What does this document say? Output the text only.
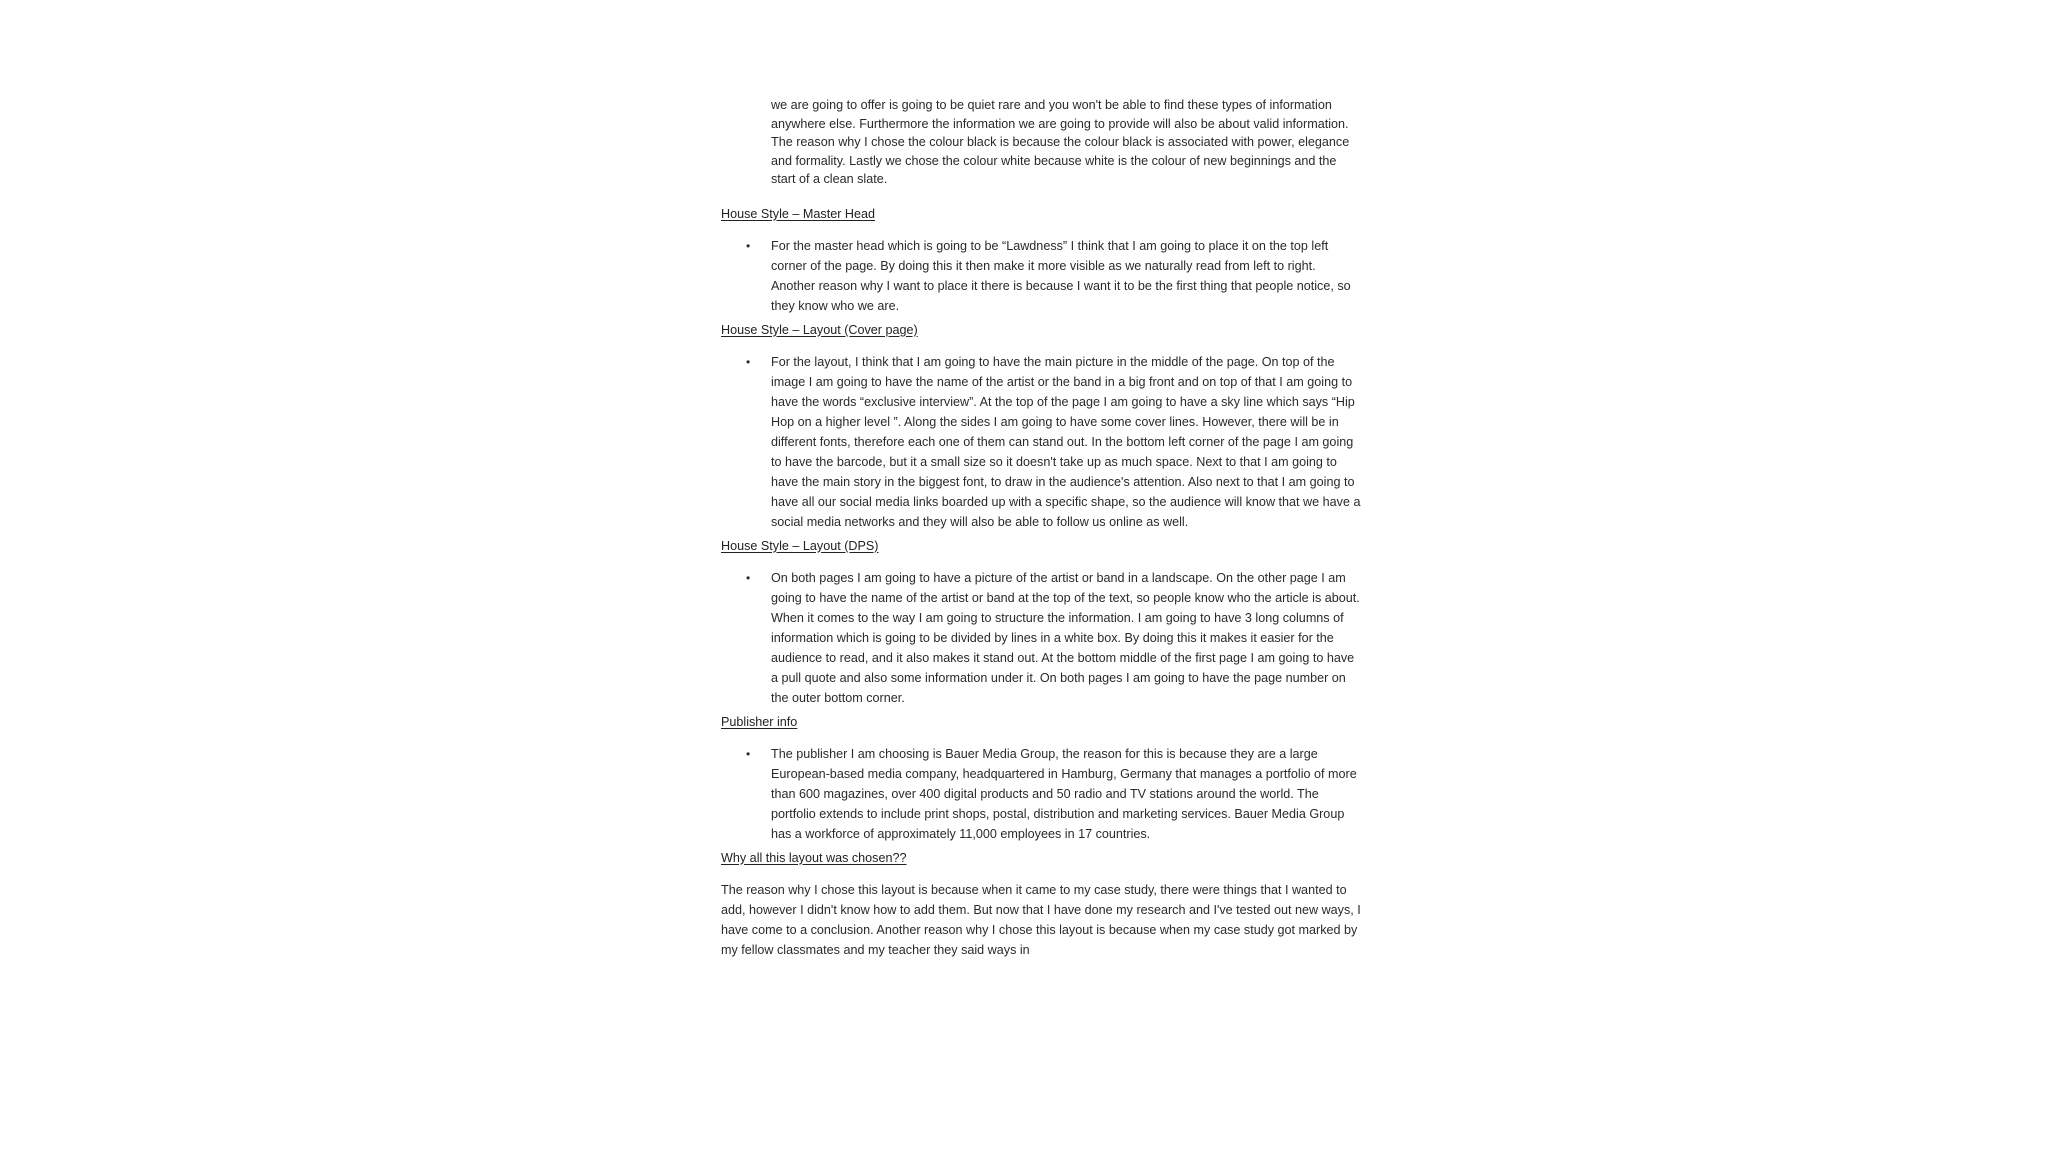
we are going to offer is going to be quiet rare and you won't be able to find these types of information anywhere else. Furthermore the information we are going to provide will also be about valid information. The reason why I chose the colour black is because the colour black is associated with power, elegance and formality. Lastly we chose the colour white because white is the colour of new beginnings and the start of a clean slate.

House Style – Master Head

• For the master head which is going to be “Lawdness” I think that I am going to place it on the top left corner of the page. By doing this it then make it more visible as we naturally read from left to right. Another reason why I want to place it there is because I want it to be the first thing that people notice, so they know who we are.

House Style – Layout (Cover page)

• For the layout, I think that I am going to have the main picture in the middle of the page. On top of the image I am going to have the name of the artist or the band in a big front and on top of that I am going to have the words “exclusive interview”. At the top of the page I am going to have a sky line which says “Hip Hop on a higher level ”. Along the sides I am going to have some cover lines. However, there will be in different fonts, therefore each one of them can stand out. In the bottom left corner of the page I am going to have the barcode, but it a small size so it doesn't take up as much space. Next to that I am going to have the main story in the biggest font, to draw in the audience's attention. Also next to that I am going to have all our social media links boarded up with a specific shape, so the audience will know that we have a social media networks and they will also be able to follow us online as well.

House Style – Layout (DPS)

• On both pages I am going to have a picture of the artist or band in a landscape. On the other page I am going to have the name of the artist or band at the top of the text, so people know who the article is about. When it comes to the way I am going to structure the information. I am going to have 3 long columns of information which is going to be divided by lines in a white box. By doing this it makes it easier for the audience to read, and it also makes it stand out. At the bottom middle of the first page I am going to have a pull quote and also some information under it. On both pages I am going to have the page number on the outer bottom corner.

Publisher info

• The publisher I am choosing is Bauer Media Group, the reason for this is because they are a large European-based media company, headquartered in Hamburg, Germany that manages a portfolio of more than 600 magazines, over 400 digital products and 50 radio and TV stations around the world. The portfolio extends to include print shops, postal, distribution and marketing services. Bauer Media Group has a workforce of approximately 11,000 employees in 17 countries.

Why all this layout was chosen??

The reason why I chose this layout is because when it came to my case study, there were things that I wanted to add, however I didn't know how to add them. But now that I have done my research and I've tested out new ways, I have come to a conclusion. Another reason why I chose this layout is because when my case study got marked by my fellow classmates and my teacher they said ways in
